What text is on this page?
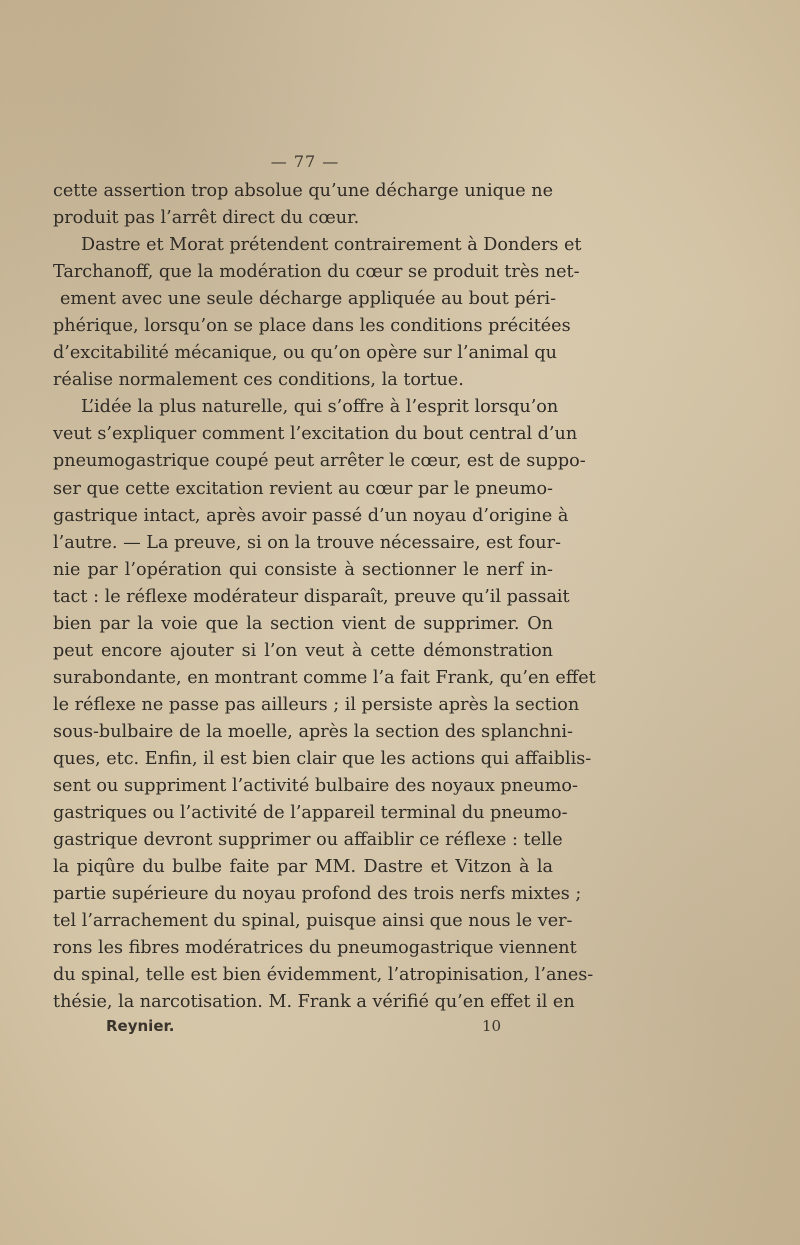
— 77 —
cette assertion trop absolue qu’une décharge unique ne
produit pas l’arrêt direct du cœur.
Dastre et Morat prétendent contrairement à Donders et
Tarchanoff, que la modération du cœur se produit très net-
ement avec une seule décharge appliquée au bout péri-
phérique, lorsqu’on se place dans les conditions précitées
d’excitabilité mécanique, ou qu’on opère sur l’animal qu
réalise normalement ces conditions, la tortue.
L’idée la plus naturelle, qui s’offre à l’esprit lorsqu’on
veut s’expliquer comment l’excitation du bout central d’un
pneumogastrique coupé peut arrêter le cœur, est de suppo-
ser que cette excitation revient au cœur par le pneumo-
gastrique intact, après avoir passé d’un noyau d’origine à
l’autre. — La preuve, si on la trouve nécessaire, est four-
nie par l’opération qui consiste à sectionner le nerf in-
tact : le réflexe modérateur disparaît, preuve qu’il passait
bien par la voie que la section vient de supprimer. On
peut encore ajouter si l’on veut à cette démonstration
surabondante, en montrant comme l’a fait Frank, qu’en effet
le réflexe ne passe pas ailleurs ; il persiste après la section
sous-bulbaire de la moelle, après la section des splanchni-
ques, etc. Enfin, il est bien clair que les actions qui affaiblis-
sent ou suppriment l’activité bulbaire des noyaux pneumo-
gastriques ou l’activité de l’appareil terminal du pneumo-
gastrique devront supprimer ou affaiblir ce réflexe : telle
la piqûre du bulbe faite par MM. Dastre et Vitzon à la
partie supérieure du noyau profond des trois nerfs mixtes ;
tel l’arrachement du spinal, puisque ainsi que nous le ver-
rons les fibres modératrices du pneumogastrique viennent
du spinal, telle est bien évidemment, l’atropinisation, l’anes-
thésie, la narcotisation. M. Frank a vérifié qu’en effet il en
Reynier.	10
